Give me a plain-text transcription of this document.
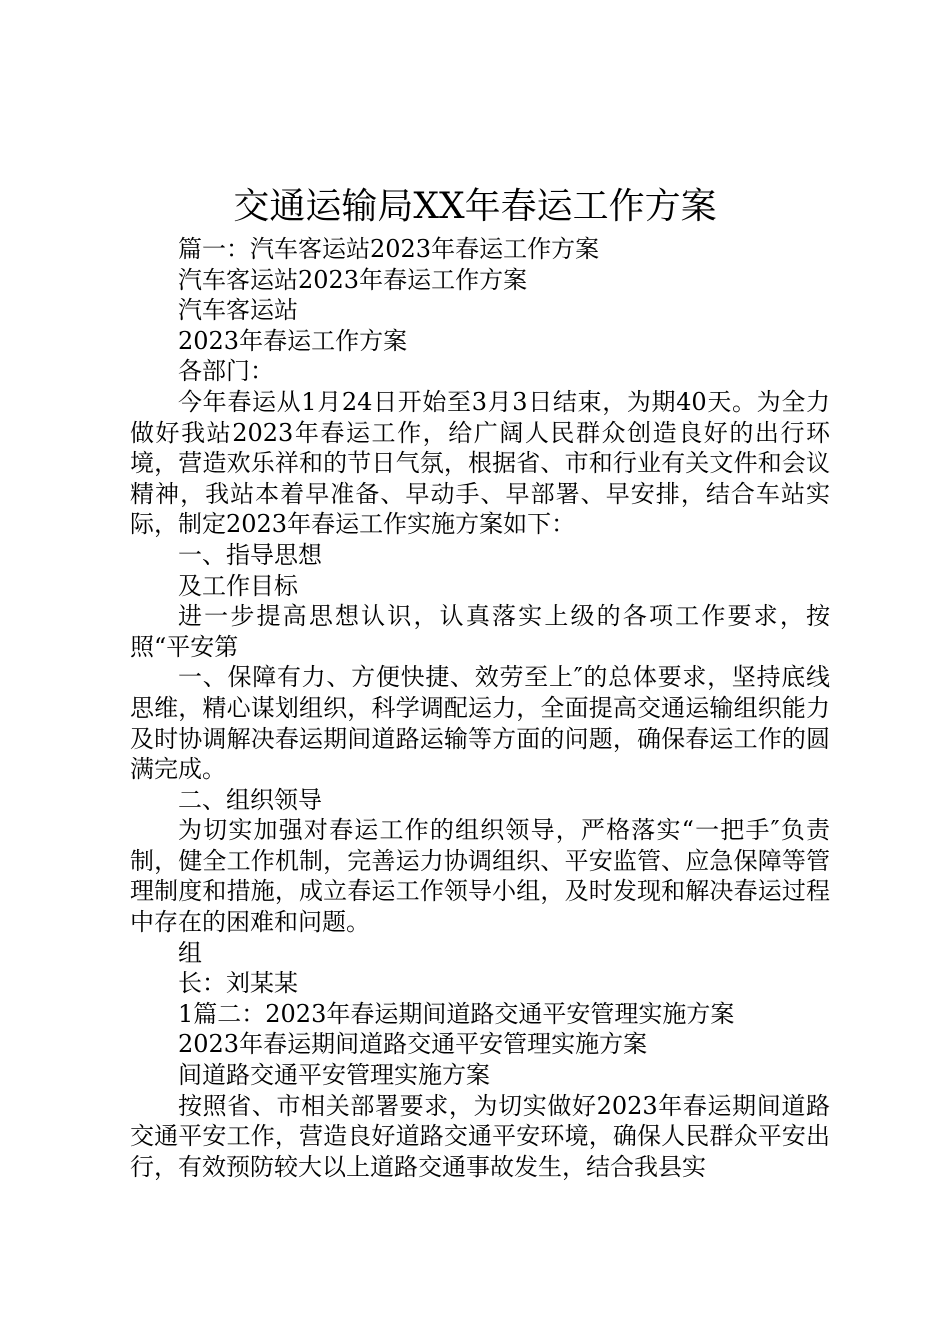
交通运输局XX年春运工作方案

篇一：汽车客运站2023年春运工作方案

汽车客运站2023年春运工作方案

汽车客运站

2023年春运工作方案

各部门：

今年春运从1月24日开始至3月3日结束，为期40天。为全力做好我站2023年春运工作，给广阔人民群众创造良好的出行环境，营造欢乐祥和的节日气氛，根据省、市和行业有关文件和会议精神，我站本着早准备、早动手、早部署、早安排，结合车站实际，制定2023年春运工作实施方案如下：

一、指导思想

及工作目标

进一步提高思想认识，认真落实上级的各项工作要求，按照“平安第

一、保障有力、方便快捷、效劳至上″的总体要求，坚持底线思维，精心谋划组织，科学调配运力，全面提高交通运输组织能力及时协调解决春运期间道路运输等方面的问题，确保春运工作的圆满完成。

二、组织领导

为切实加强对春运工作的组织领导，严格落实“一把手″负责制，健全工作机制，完善运力协调组织、平安监管、应急保障等管理制度和措施，成立春运工作领导小组，及时发现和解决春运过程中存在的困难和问题。

组

长：刘某某

1篇二：2023年春运期间道路交通平安管理实施方案

2023年春运期间道路交通平安管理实施方案

间道路交通平安管理实施方案

按照省、市相关部署要求，为切实做好2023年春运期间道路交通平安工作，营造良好道路交通平安环境，确保人民群众平安出行，有效预防较大以上道路交通事故发生，结合我县实
